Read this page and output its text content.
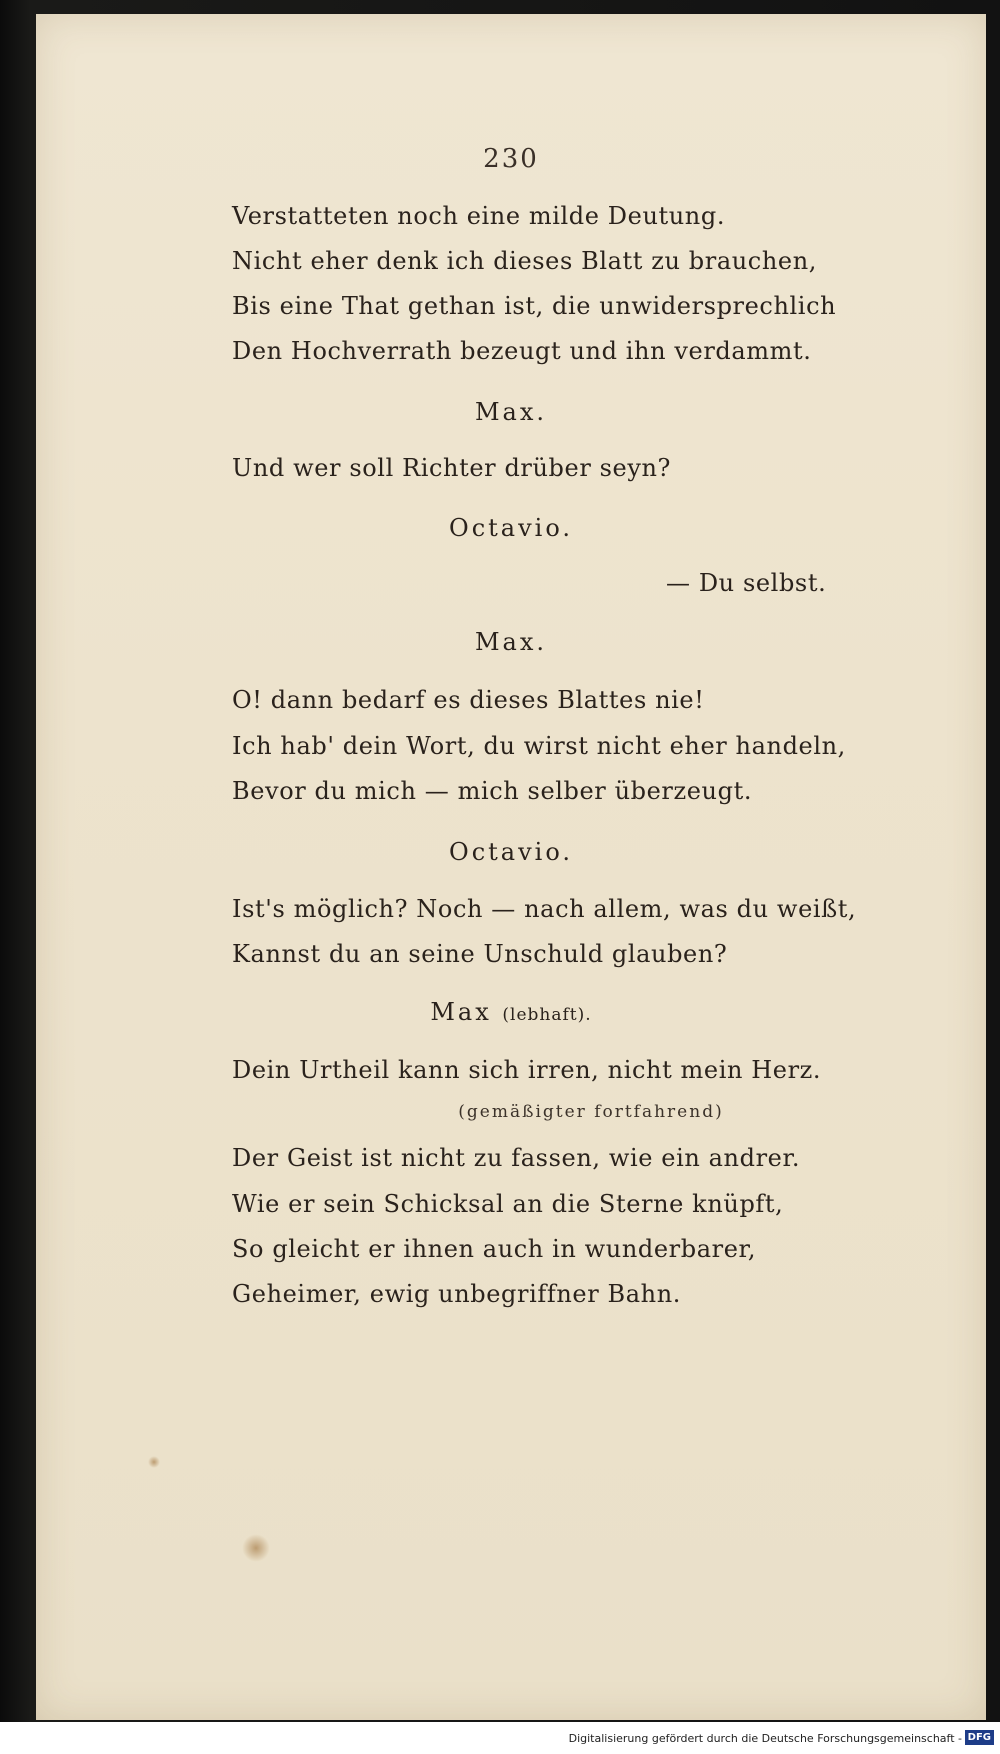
230
Verstatteten noch eine milde Deutung.
Nicht eher denk ich dieses Blatt zu brauchen,
Bis eine That gethan ist, die unwidersprechlich
Den Hochverrath bezeugt und ihn verdammt.
Max.
Und wer soll Richter drüber seyn?
Octavio.
— Du selbst.
Max.
O! dann bedarf es dieses Blattes nie!
Ich hab' dein Wort, du wirst nicht eher handeln,
Bevor du mich — mich selber überzeugt.
Octavio.
Ist's möglich? Noch — nach allem, was du weißt,
Kannst du an seine Unschuld glauben?
Max (lebhaft).
Dein Urtheil kann sich irren, nicht mein Herz.
(gemäßigter fortfahrend)
Der Geist ist nicht zu fassen, wie ein andrer.
Wie er sein Schicksal an die Sterne knüpft,
So gleicht er ihnen auch in wunderbarer,
Geheimer, ewig unbegriffner Bahn.
Digitalisierung gefördert durch die Deutsche Forschungsgemeinschaft - DFG
